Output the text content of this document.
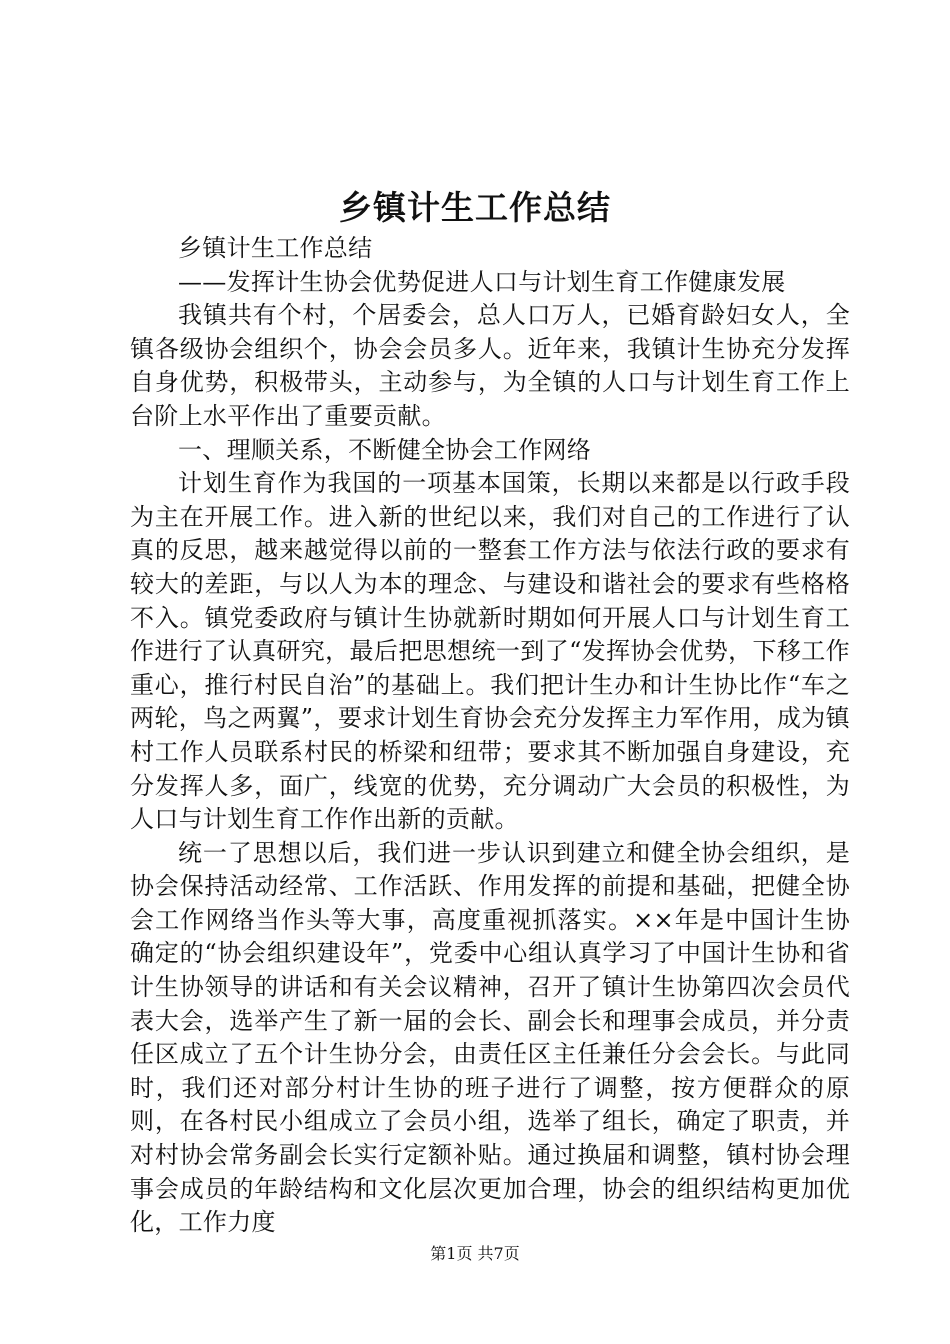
乡镇计生工作总结

乡镇计生工作总结

——发挥计生协会优势促进人口与计划生育工作健康发展

我镇共有个村，个居委会，总人口万人，已婚育龄妇女人，全镇各级协会组织个，协会会员多人。近年来，我镇计生协充分发挥自身优势，积极带头，主动参与，为全镇的人口与计划生育工作上台阶上水平作出了重要贡献。

一、理顺关系，不断健全协会工作网络

计划生育作为我国的一项基本国策，长期以来都是以行政手段为主在开展工作。进入新的世纪以来，我们对自己的工作进行了认真的反思，越来越觉得以前的一整套工作方法与依法行政的要求有较大的差距，与以人为本的理念、与建设和谐社会的要求有些格格不入。镇党委政府与镇计生协就新时期如何开展人口与计划生育工作进行了认真研究，最后把思想统一到了“发挥协会优势，下移工作重心，推行村民自治”的基础上。我们把计生办和计生协比作“车之两轮，鸟之两翼”，要求计划生育协会充分发挥主力军作用，成为镇村工作人员联系村民的桥梁和纽带；要求其不断加强自身建设，充分发挥人多，面广，线宽的优势，充分调动广大会员的积极性，为人口与计划生育工作作出新的贡献。

统一了思想以后，我们进一步认识到建立和健全协会组织，是协会保持活动经常、工作活跃、作用发挥的前提和基础，把健全协会工作网络当作头等大事，高度重视抓落实。××年是中国计生协确定的“协会组织建设年”，党委中心组认真学习了中国计生协和省计生协领导的讲话和有关会议精神，召开了镇计生协第四次会员代表大会，选举产生了新一届的会长、副会长和理事会成员，并分责任区成立了五个计生协分会，由责任区主任兼任分会会长。与此同时，我们还对部分村计生协的班子进行了调整，按方便群众的原则，在各村民小组成立了会员小组，选举了组长，确定了职责，并对村协会常务副会长实行定额补贴。通过换届和调整，镇村协会理事会成员的年龄结构和文化层次更加合理，协会的组织结构更加优化，工作力度

第1页 共7页
